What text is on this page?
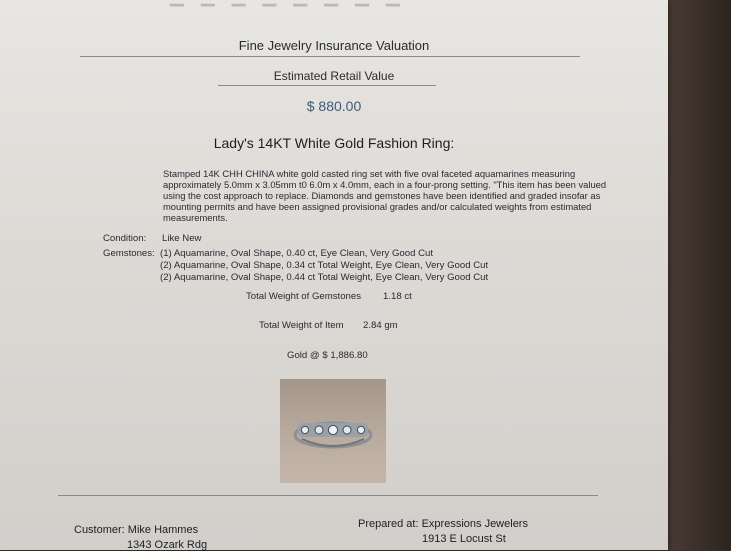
Fine Jewelry Insurance Valuation
Estimated Retail Value
$ 880.00
Lady's 14KT White Gold Fashion Ring:
Stamped 14K CHH CHINA white gold casted ring set with five oval faceted aquamarines measuring approximately 5.0mm x 3.05mm t0 6.0m x 4.0mm, each in a four-prong setting. "This item has been valued using the cost approach to replace. Diamonds and gemstones have been identified and graded insofar as mounting permits and have been assigned provisional grades and/or calculated weights from estimated measurements.
Condition: Like New
Gemstones: (1) Aquamarine, Oval Shape, 0.40 ct, Eye Clean, Very Good Cut
(2) Aquamarine, Oval Shape, 0.34 ct Total Weight, Eye Clean, Very Good Cut
(2) Aquamarine, Oval Shape, 0.44 ct Total Weight, Eye Clean, Very Good Cut
Total Weight of Gemstones 1.18 ct
Total Weight of Item 2.84 gm
Gold @ $ 1,886.80
Customer: Mike Hammes
1343 Ozark Rdg
Prepared at: Expressions Jewelers
1913 E Locust St
